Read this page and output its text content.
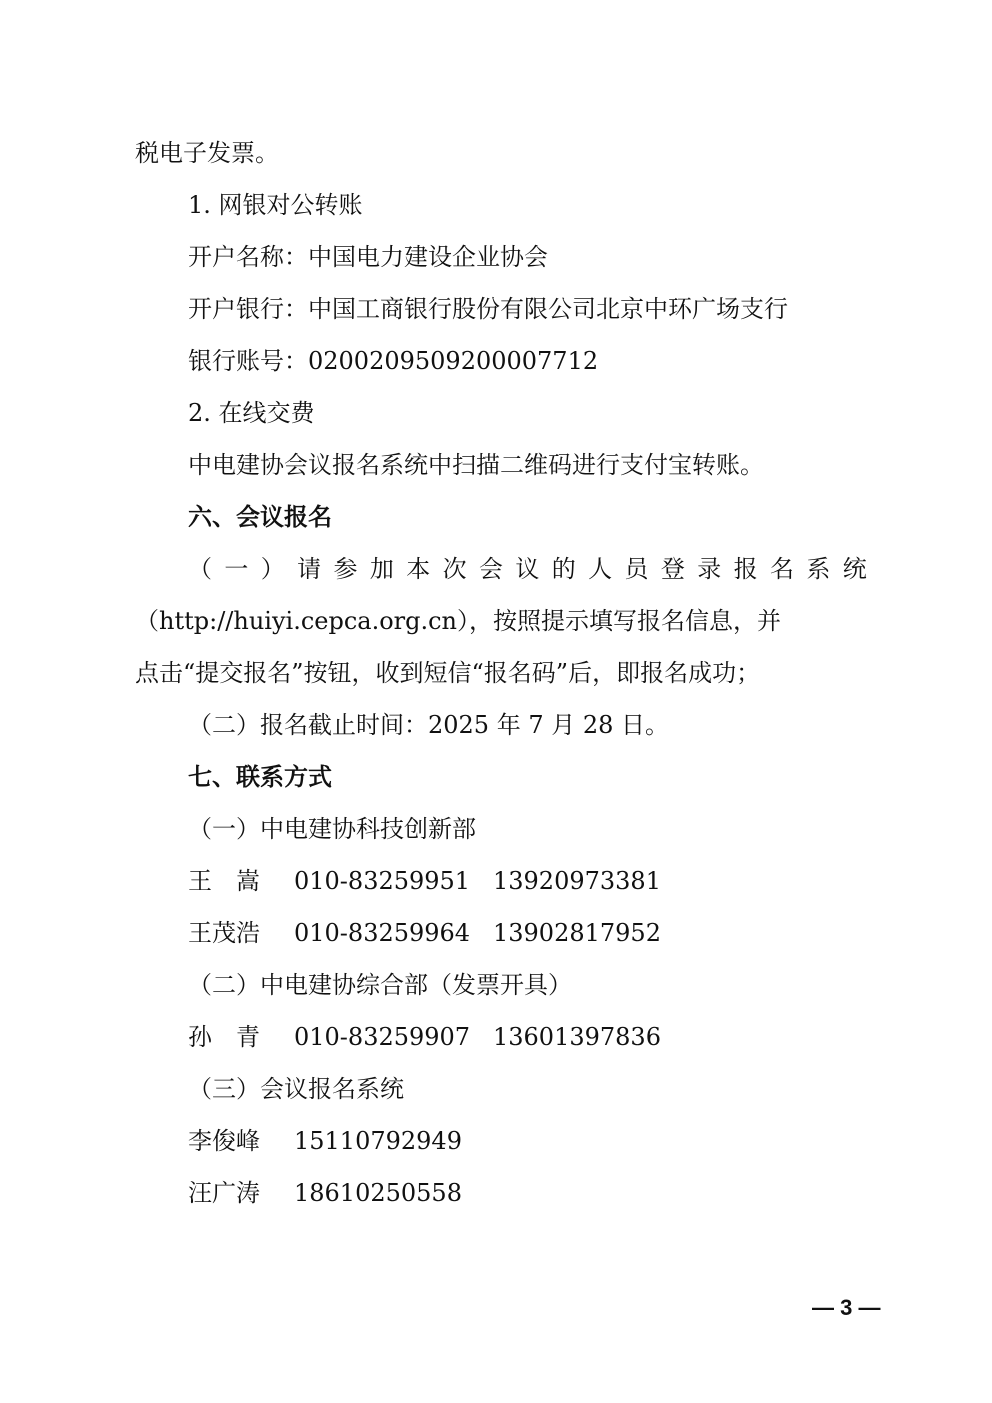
税电子发票。
1. 网银对公转账
开户名称：中国电力建设企业协会
开户银行：中国工商银行股份有限公司北京中环广场支行
银行账号：0200209509200007712
2. 在线交费
中电建协会议报名系统中扫描二维码进行支付宝转账。
六、会议报名
（ 一 ） 请 参 加 本 次 会 议 的 人 员 登 录 报 名 系 统
（http://huiyi.cepca.org.cn），按照提示填写报名信息，并
点击“提交报名”按钮，收到短信“报名码”后，即报名成功；
（二）报名截止时间：2025 年 7 月 28 日。
七、联系方式
（一）中电建协科技创新部
王　嵩 010-83259951 13920973381
王茂浩 010-83259964 13902817952
（二）中电建协综合部（发票开具）
孙　青 010-83259907 13601397836
（三）会议报名系统
李俊峰 15110792949
汪广涛 18610250558
— 3 —
